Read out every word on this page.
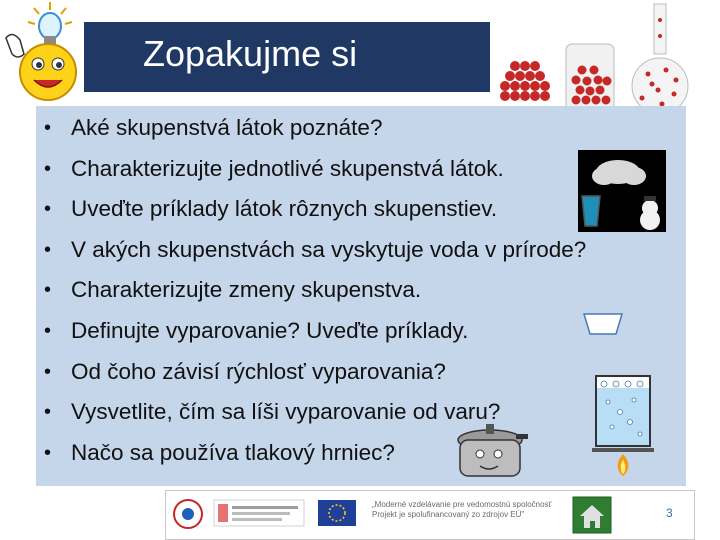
Zopakujme si
• Aké skupenstvá látok poznáte?
• Charakterizujte jednotlivé skupenstvá látok.
• Uveďte príklady látok rôznych skupenstiev.
• V akých skupenstvách sa vyskytuje voda v prírode?
• Charakterizujte zmeny skupenstva.
• Definujte vyparovanie? Uveďte príklady.
• Od čoho závisí rýchlosť vyparovania?
• Vysvetlite, čím sa líši vyparovanie od varu?
• Načo sa používa tlakový hrniec?
„Moderné vzdelávanie pre vedomostnú spoločnosť
Projekt je spolufinancovaný zo zdrojov EÚ"	3
